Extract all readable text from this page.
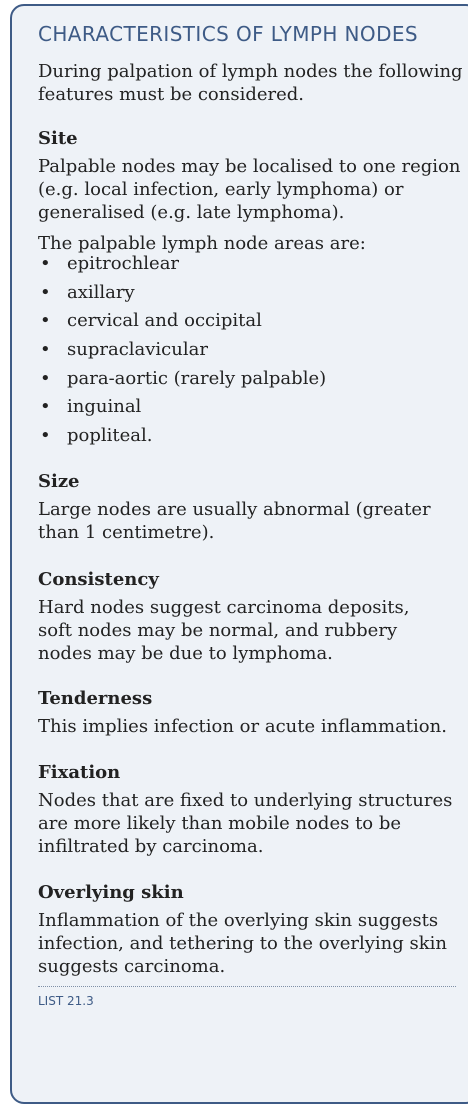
CHARACTERISTICS OF LYMPH NODES

During palpation of lymph nodes the following features must be considered.

Site

Palpable nodes may be localised to one region (e.g. local infection, early lymphoma) or generalised (e.g. late lymphoma).

The palpable lymph node areas are:

• epitrochlear
• axillary
• cervical and occipital
• supraclavicular
• para-aortic (rarely palpable)
• inguinal
• popliteal.

Size

Large nodes are usually abnormal (greater than 1 centimetre).

Consistency

Hard nodes suggest carcinoma deposits, soft nodes may be normal, and rubbery nodes may be due to lymphoma.

Tenderness

This implies infection or acute inflammation.

Fixation

Nodes that are fixed to underlying structures are more likely than mobile nodes to be infiltrated by carcinoma.

Overlying skin

Inflammation of the overlying skin suggests infection, and tethering to the overlying skin suggests carcinoma.

LIST 21.3
